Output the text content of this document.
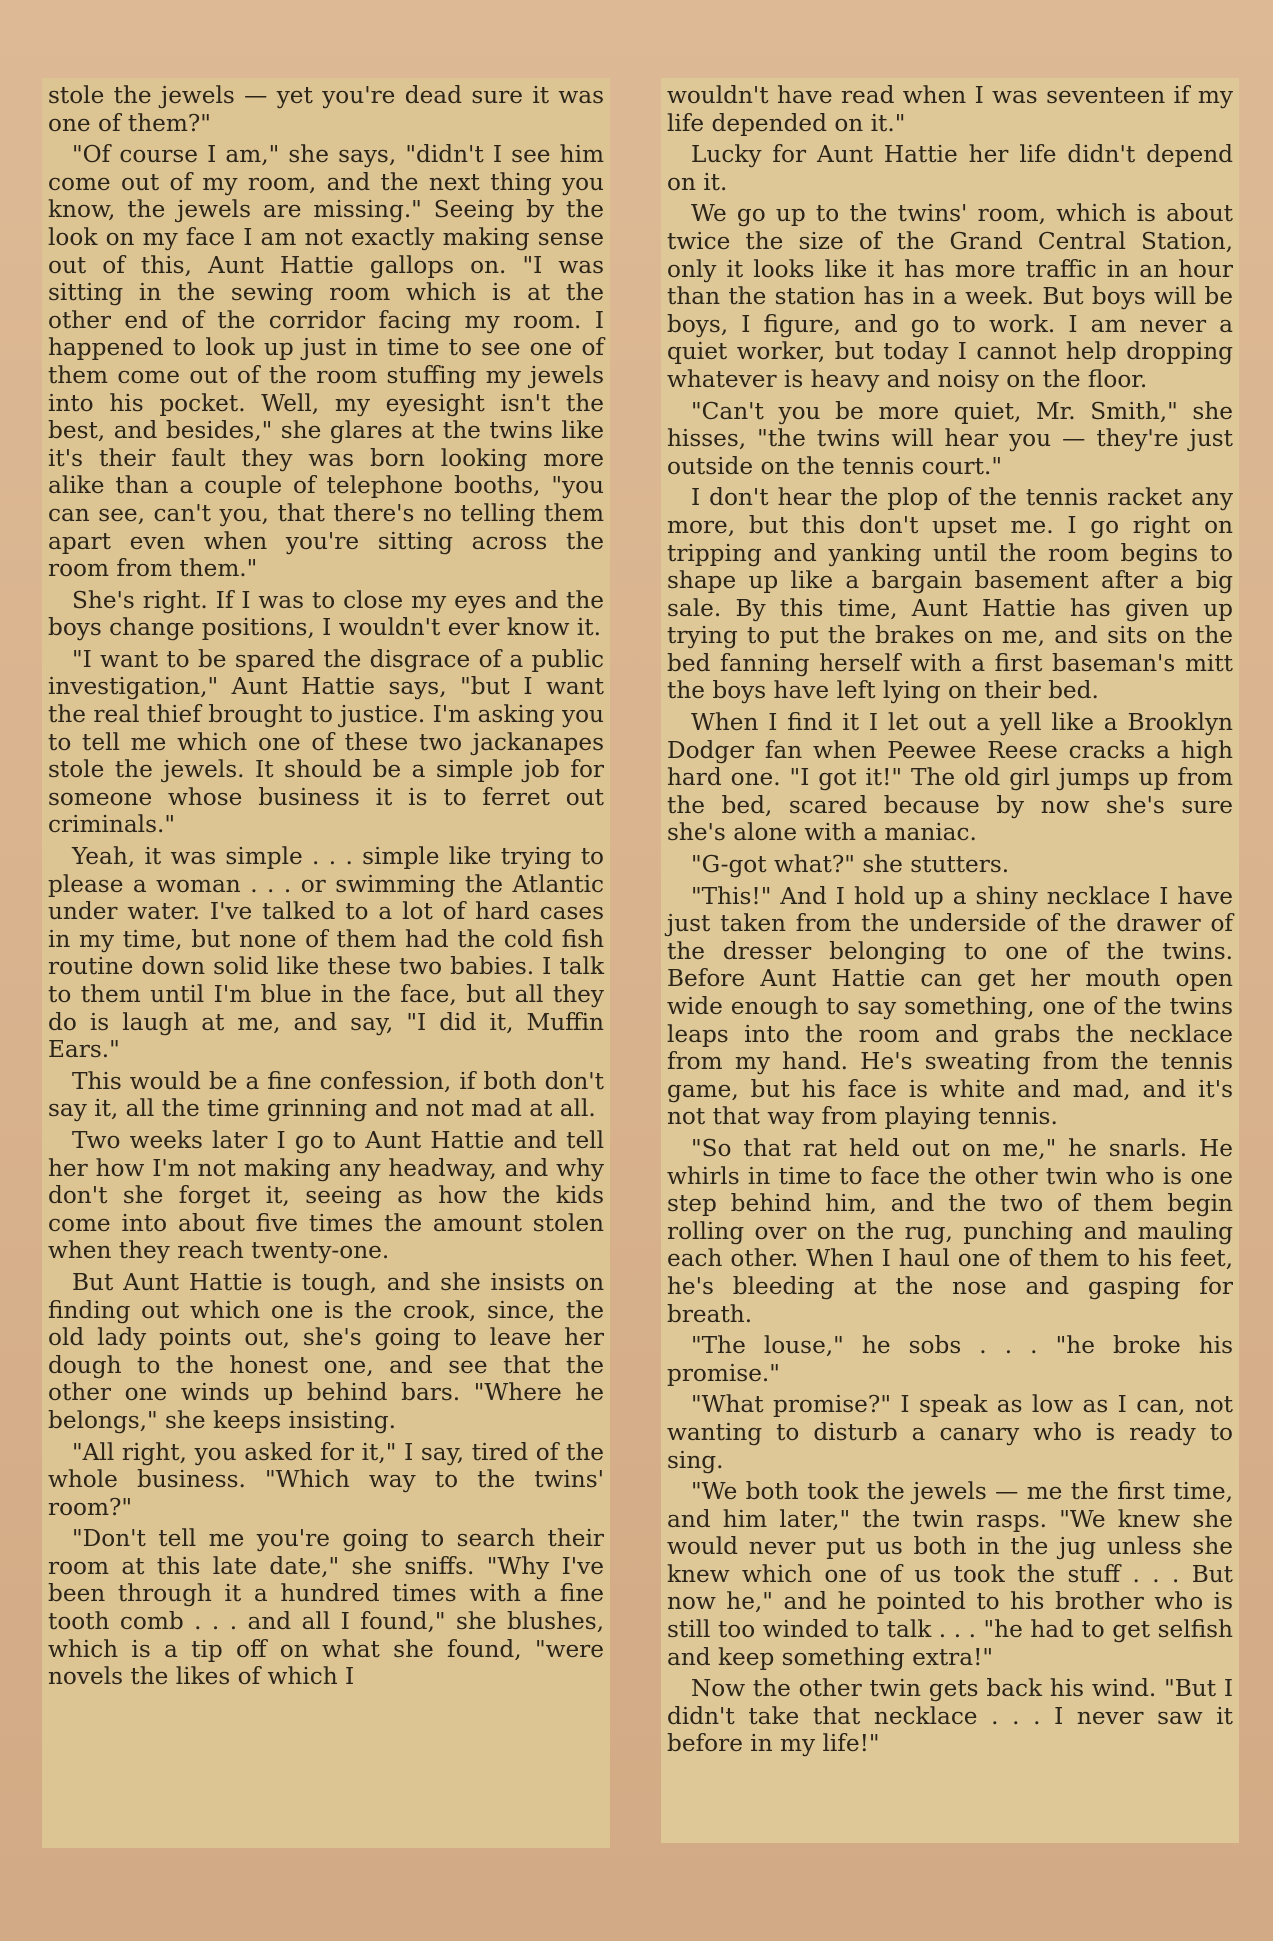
stole the jewels — yet you're dead sure it was one of them?"

"Of course I am," she says, "didn't I see him come out of my room, and the next thing you know, the jewels are missing." Seeing by the look on my face I am not exactly making sense out of this, Aunt Hattie gallops on. "I was sitting in the sewing room which is at the other end of the corridor facing my room. I happened to look up just in time to see one of them come out of the room stuffing my jewels into his pocket. Well, my eyesight isn't the best, and besides," she glares at the twins like it's their fault they was born looking more alike than a couple of telephone booths, "you can see, can't you, that there's no telling them apart even when you're sitting across the room from them."

She's right. If I was to close my eyes and the boys change positions, I wouldn't ever know it.

"I want to be spared the disgrace of a public investigation," Aunt Hattie says, "but I want the real thief brought to justice. I'm asking you to tell me which one of these two jackanapes stole the jewels. It should be a simple job for someone whose business it is to ferret out criminals."

Yeah, it was simple . . . simple like trying to please a woman . . . or swimming the Atlantic under water. I've talked to a lot of hard cases in my time, but none of them had the cold fish routine down solid like these two babies. I talk to them until I'm blue in the face, but all they do is laugh at me, and say, "I did it, Muffin Ears."

This would be a fine confession, if both don't say it, all the time grinning and not mad at all.

Two weeks later I go to Aunt Hattie and tell her how I'm not making any headway, and why don't she forget it, seeing as how the kids come into about five times the amount stolen when they reach twenty-one.

But Aunt Hattie is tough, and she insists on finding out which one is the crook, since, the old lady points out, she's going to leave her dough to the honest one, and see that the other one winds up behind bars. "Where he belongs," she keeps insisting.

"All right, you asked for it," I say, tired of the whole business. "Which way to the twins' room?"

"Don't tell me you're going to search their room at this late date," she sniffs. "Why I've been through it a hundred times with a fine tooth comb . . . and all I found," she blushes, which is a tip off on what she found, "were novels the likes of which I

wouldn't have read when I was seventeen if my life depended on it."

Lucky for Aunt Hattie her life didn't depend on it.

We go up to the twins' room, which is about twice the size of the Grand Central Station, only it looks like it has more traffic in an hour than the station has in a week. But boys will be boys, I figure, and go to work. I am never a quiet worker, but today I cannot help dropping whatever is heavy and noisy on the floor.

"Can't you be more quiet, Mr. Smith," she hisses, "the twins will hear you — they're just outside on the tennis court."

I don't hear the plop of the tennis racket any more, but this don't upset me. I go right on tripping and yanking until the room begins to shape up like a bargain basement after a big sale. By this time, Aunt Hattie has given up trying to put the brakes on me, and sits on the bed fanning herself with a first baseman's mitt the boys have left lying on their bed.

When I find it I let out a yell like a Brooklyn Dodger fan when Peewee Reese cracks a high hard one. "I got it!" The old girl jumps up from the bed, scared because by now she's sure she's alone with a maniac.

"G-got what?" she stutters.

"This!" And I hold up a shiny necklace I have just taken from the underside of the drawer of the dresser belonging to one of the twins. Before Aunt Hattie can get her mouth open wide enough to say something, one of the twins leaps into the room and grabs the necklace from my hand. He's sweating from the tennis game, but his face is white and mad, and it's not that way from playing tennis.

"So that rat held out on me," he snarls. He whirls in time to face the other twin who is one step behind him, and the two of them begin rolling over on the rug, punching and mauling each other. When I haul one of them to his feet, he's bleeding at the nose and gasping for breath.

"The louse," he sobs . . . "he broke his promise."

"What promise?" I speak as low as I can, not wanting to disturb a canary who is ready to sing.

"We both took the jewels — me the first time, and him later," the twin rasps. "We knew she would never put us both in the jug unless she knew which one of us took the stuff . . . But now he," and he pointed to his brother who is still too winded to talk . . . "he had to get selfish and keep something extra!"

Now the other twin gets back his wind. "But I didn't take that necklace . . . I never saw it before in my life!"
